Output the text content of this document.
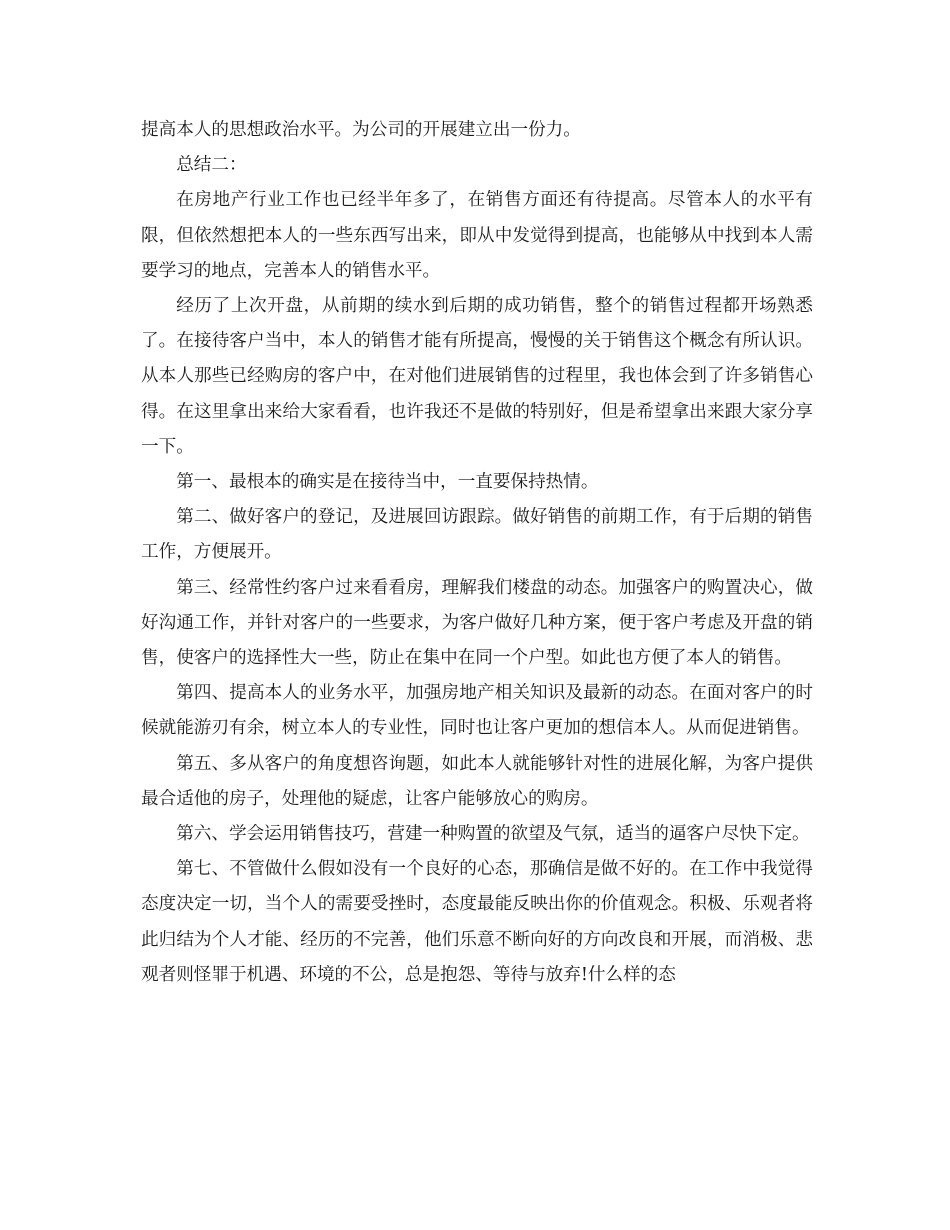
提高本人的思想政治水平。为公司的开展建立出一份力。

总结二：

在房地产行业工作也已经半年多了，在销售方面还有待提高。尽管本人的水平有限，但依然想把本人的一些东西写出来，即从中发觉得到提高，也能够从中找到本人需要学习的地点，完善本人的销售水平。

经历了上次开盘，从前期的续水到后期的成功销售，整个的销售过程都开场熟悉了。在接待客户当中，本人的销售才能有所提高，慢慢的关于销售这个概念有所认识。从本人那些已经购房的客户中，在对他们进展销售的过程里，我也体会到了许多销售心得。在这里拿出来给大家看看，也许我还不是做的特别好，但是希望拿出来跟大家分享一下。

第一、最根本的确实是在接待当中，一直要保持热情。

第二、做好客户的登记，及进展回访跟踪。做好销售的前期工作，有于后期的销售工作，方便展开。

第三、经常性约客户过来看看房，理解我们楼盘的动态。加强客户的购置决心，做好沟通工作，并针对客户的一些要求，为客户做好几种方案，便于客户考虑及开盘的销售，使客户的选择性大一些，防止在集中在同一个户型。如此也方便了本人的销售。

第四、提高本人的业务水平，加强房地产相关知识及最新的动态。在面对客户的时候就能游刃有余，树立本人的专业性，同时也让客户更加的想信本人。从而促进销售。

第五、多从客户的角度想咨询题，如此本人就能够针对性的进展化解，为客户提供最合适他的房子，处理他的疑虑，让客户能够放心的购房。

第六、学会运用销售技巧，营建一种购置的欲望及气氛，适当的逼客户尽快下定。

第七、不管做什么假如没有一个良好的心态，那确信是做不好的。在工作中我觉得态度决定一切，当个人的需要受挫时，态度最能反映出你的价值观念。积极、乐观者将此归结为个人才能、经历的不完善，他们乐意不断向好的方向改良和开展，而消极、悲观者则怪罪于机遇、环境的不公，总是抱怨、等待与放弃!什么样的态
